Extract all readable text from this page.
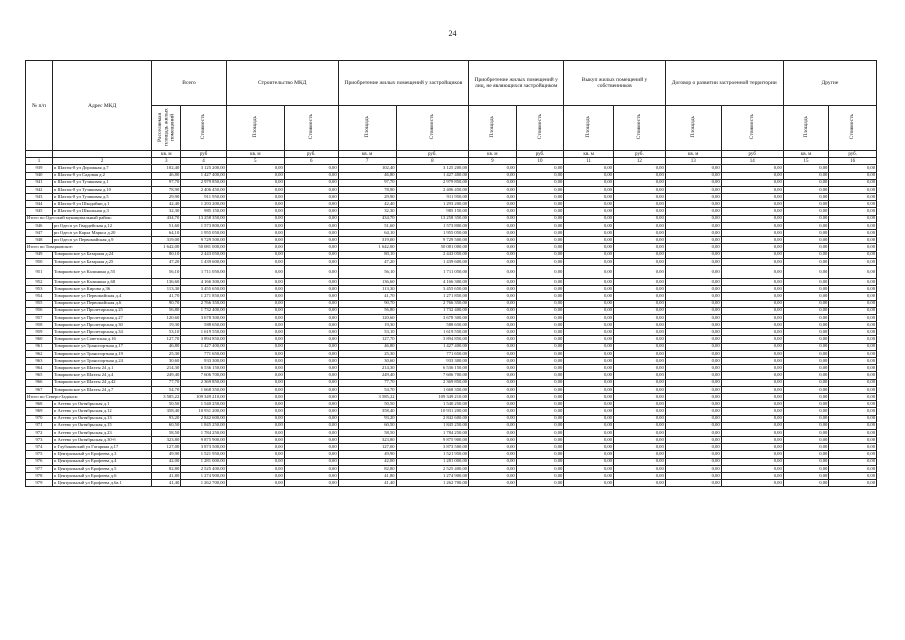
24
№ п/п	Адрес МКД	Всего		Строительство МКД		Приобретение жилых помещений у застройщиков		Приобретение жилых помещений у лиц, не являющихся застройщиком		Выкуп жилых помещений у собственников		Договор о развитии застроенной территории		Другие	
		Расселяемая площадь жилых помещений	Стоимость	Площадь	Стоимость	Площадь	Стоимость	Площадь	Стоимость	Площадь	Стоимость	Площадь	Стоимость	Площадь	Стоимость
		кв. м	руб	кв. м	руб.	кв. м	руб.	кв. м	руб.	кв. м	руб.	кв. м	руб	кв. м	руб.
1	2	3	4	5	6	7	8	9	10	11	12	13	14	15	16
939	п Шахты-8 ул Дорожная д.7	102,40	3 125 200,00	0,00	0,00	102,40	3 125 200,00	0,00	0,00	0,00	0,00	0,00	0,00	0,00	0,00
940	п Шахты-8 ул Садовая д.2	46,80	1 427 400,00	0,00	0,00	46,80	1 427 400,00	0,00	0,00	0,00	0,00	0,00	0,00	0,00	0,00
941	п Шахты-8 ул Тузиковая д.1	97,70	2 979 850,00	0,00	0,00	97,70	2 979 850,00	0,00	0,00	0,00	0,00	0,00	0,00	0,00	0,00
942	п Шахты-8 ул Тузиковая д.10	78,90	2 406 450,00	0,00	0,00	78,90	2 406 450,00	0,00	0,00	0,00	0,00	0,00	0,00	0,00	0,00
943	п Шахты-8 ул Тузиковая д.5	29,90	911 950,00	0,00	0,00	29,90	911 950,00	0,00	0,00	0,00	0,00	0,00	0,00	0,00	0,00
944	п Шахты-8 ул Шкодайни д.1	42,40	1 293 200,00	0,00	0,00	42,40	1 293 200,00	0,00	0,00	0,00	0,00	0,00	0,00	0,00	0,00
945	п Шахты-8 ул Школьная д.3	32,30	985 150,00	0,00	0,00	32,30	985 150,00	0,00	0,00	0,00	0,00	0,00	0,00	0,00	0,00
Итого по Одесский муниципальный район:		434,70	13 258 350,00	0,00	0,00	434,70	13 258 350,00	0,00	0,00	0,00	0,00	0,00	0,00	0,00	0,00
946	рп Одесп ул Гвардейская д.12	51,60	1 573 800,00	0,00	0,00	51,60	1 573 800,00	0,00	0,00	0,00	0,00	0,00	0,00	0,00	0,00
947	рп Одесп ул Карла Маркса д.20	64,10	1 955 050,00	0,00	0,00	64,10	1 955 050,00	0,00	0,00	0,00	0,00	0,00	0,00	0,00	0,00
948	рп Одесп ул Первомайская д.9	319,00	9 729 500,00	0,00	0,00	319,00	9 729 500,00	0,00	0,00	0,00	0,00	0,00	0,00	0,00	0,00
Итого по Товарковское:		1 642,00	50 081 000,00	0,00	0,00	1 642,00	50 081 000,00	0,00	0,00	0,00	0,00	0,00	0,00	0,00	0,00
949	Товарковское ул Базарная д.24	80,10	2 443 050,00	0,00	0,00	80,10	2 443 050,00	0,00	0,00	0,00	0,00	0,00	0,00	0,00	0,00
950	Товарковское ул Базарная д.25	47,20	1 439 600,00	0,00	0,00	47,20	1 439 600,00	0,00	0,00	0,00	0,00	0,00	0,00	0,00	0,00
951	Товарковское ул Калинина д.55	56,10	1 711 050,00	0,00	0,00	56,10	1 711 050,00	0,00	0,00	0,00	0,00	0,00	0,00	0,00	0,00
952	Товарковское ул Калинина д.68	136,60	4 166 300,00	0,00	0,00	136,60	4 166 300,00	0,00	0,00	0,00	0,00	0,00	0,00	0,00	0,00
953	Товарковское ул Кирова д.36	113,30	3 455 650,00	0,00	0,00	113,30	3 455 650,00	0,00	0,00	0,00	0,00	0,00	0,00	0,00	0,00
954	Товарковское ул Первомайская д.4	41,70	1 271 850,00	0,00	0,00	41,70	1 271 850,00	0,00	0,00	0,00	0,00	0,00	0,00	0,00	0,00
955	Товарковское ул Первомайская д.6	90,70	2 766 350,00	0,00	0,00	90,70	2 766 350,00	0,00	0,00	0,00	0,00	0,00	0,00	0,00	0,00
956	Товарковское ул Пролетарская д.25	56,80	1 732 400,00	0,00	0,00	56,80	1 732 400,00	0,00	0,00	0,00	0,00	0,00	0,00	0,00	0,00
957	Товарковское ул Пролетарская д.27	120,60	3 678 300,00	0,00	0,00	120,60	3 678 300,00	0,00	0,00	0,00	0,00	0,00	0,00	0,00	0,00
958	Товарковское ул Пролетарская д.30	19,30	588 650,00	0,00	0,00	19,30	588 650,00	0,00	0,00	0,00	0,00	0,00	0,00	0,00	0,00
959	Товарковское ул Пролетарская д.34	53,10	1 619 550,00	0,00	0,00	53,10	1 619 550,00	0,00	0,00	0,00	0,00	0,00	0,00	0,00	0,00
960	Товарковское ул Советская д.16	127,70	3 894 850,00	0,00	0,00	127,70	3 894 850,00	0,00	0,00	0,00	0,00	0,00	0,00	0,00	0,00
961	Товарковское ул Транспортная д.17	46,80	1 427 400,00	0,00	0,00	46,80	1 427 400,00	0,00	0,00	0,00	0,00	0,00	0,00	0,00	0,00
962	Товарковское ул Транспортная д.19	25,30	771 650,00	0,00	0,00	25,30	771 650,00	0,00	0,00	0,00	0,00	0,00	0,00	0,00	0,00
963	Товарковское ул Транспортная д.24	30,60	933 300,00	0,00	0,00	30,60	933 300,00	0,00	0,00	0,00	0,00	0,00	0,00	0,00	0,00
964	Товарковское ул Шахты 24 д.1	214,30	6 536 150,00	0,00	0,00	214,30	6 536 150,00	0,00	0,00	0,00	0,00	0,00	0,00	0,00	0,00
965	Товарковское ул Шахты 24 д.4	249,40	7 606 700,00	0,00	0,00	249,40	7 606 700,00	0,00	0,00	0,00	0,00	0,00	0,00	0,00	0,00
966	Товарковское ул Шахты 24 д.42	77,70	2 369 850,00	0,00	0,00	77,70	2 369 850,00	0,00	0,00	0,00	0,00	0,00	0,00	0,00	0,00
967	Товарковское ул Шахты 24 д.7	54,70	1 668 350,00	0,00	0,00	54,70	1 668 350,00	0,00	0,00	0,00	0,00	0,00	0,00	0,00	0,00
Итого по Северо-Задонск:		3 585,22	109 349 210,00	0,00	0,00	3 585,22	109 349 210,00	0,00	0,00	0,00	0,00	0,00	0,00	0,00	0,00
968	п Агеево ул Октябрьская д.1	50,50	1 540 250,00	0,00	0,00	50,50	1 540 250,00	0,00	0,00	0,00	0,00	0,00	0,00	0,00	0,00
969	п Агеево ул Октябрьская д.12	358,40	10 931 200,00	0,00	0,00	358,40	10 931 200,00	0,00	0,00	0,00	0,00	0,00	0,00	0,00	0,00
970	п Агеево ул Октябрьская д.13	93,20	2 842 600,00	0,00	0,00	93,20	2 842 600,00	0,00	0,00	0,00	0,00	0,00	0,00	0,00	0,00
971	п Агеево ул Октябрьская д.15	60,50	1 845 250,00	0,00	0,00	60,50	1 845 250,00	0,00	0,00	0,00	0,00	0,00	0,00	0,00	0,00
972	п Агеево ул Октябрьская д.23	58,50	1 784 250,00	0,00	0,00	58,50	1 784 250,00	0,00	0,00	0,00	0,00	0,00	0,00	0,00	0,00
973	п Агеево ул Октябрьская д.30-б	323,80	9 875 900,00	0,00	0,00	323,80	9 875 900,00	0,00	0,00	0,00	0,00	0,00	0,00	0,00	0,00
974	п Глубоковский ул Гагарина д.17	127,00	3 873 500,00	0,00	0,00	127,00	3 873 500,00	0,00	0,00	0,00	0,00	0,00	0,00	0,00	0,00
975	п Центральный ул Ерофеева д.3	49,90	1 521 950,00	0,00	0,00	49,90	1 521 950,00	0,00	0,00	0,00	0,00	0,00	0,00	0,00	0,00
976	п Центральный ул Ерофеева д.4	42,00	1 281 000,00	0,00	0,00	42,00	1 281 000,00	0,00	0,00	0,00	0,00	0,00	0,00	0,00	0,00
977	п Центральный ул Ерофеева д.5	82,80	2 525 400,00	0,00	0,00	82,80	2 525 400,00	0,00	0,00	0,00	0,00	0,00	0,00	0,00	0,00
978	п Центральный ул Ерофеева д.6	41,80	1 274 900,00	0,00	0,00	41,80	1 274 900,00	0,00	0,00	0,00	0,00	0,00	0,00	0,00	0,00
979	п Центральный ул Ерофеева д.6а.1	41,40	1 262 700,00	0,00	0,00	41,40	1 262 700,00	0,00	0,00	0,00	0,00	0,00	0,00	0,00	0,00
